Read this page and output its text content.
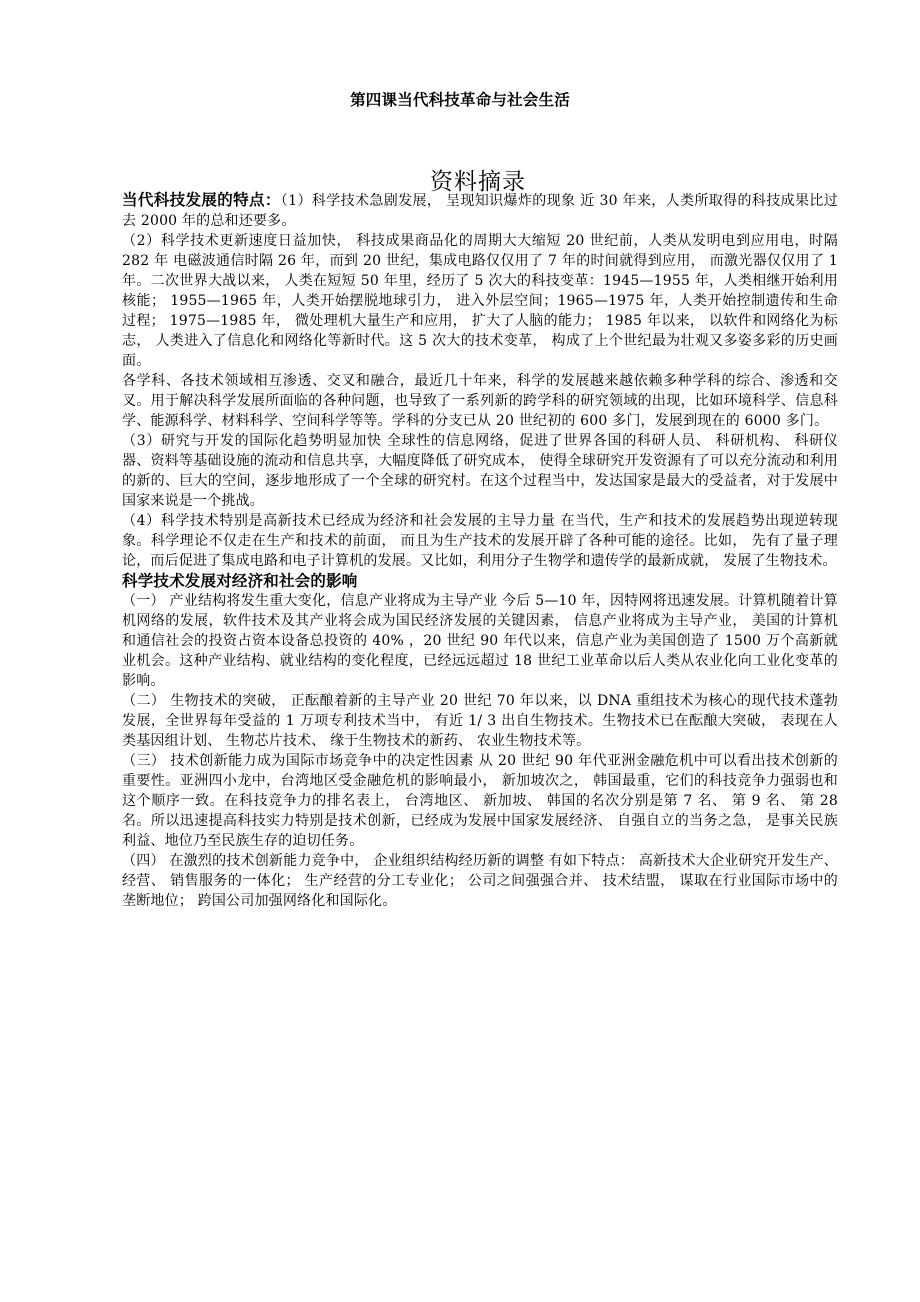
第四课当代科技革命与社会生活
资料摘录

当代科技发展的特点：（1）科学技术急剧发展， 呈现知识爆炸的现象 近 30 年来，人类所取得的科技成果比过去 2000 年的总和还要多。

（2）科学技术更新速度日益加快， 科技成果商品化的周期大大缩短 20 世纪前，人类从发明电到应用电，时隔 282 年 电磁波通信时隔 26 年，而到 20 世纪，集成电路仅仅用了 7 年的时间就得到应用， 而激光器仅仅用了 1 年。二次世界大战以来， 人类在短短 50 年里，经历了 5 次大的科技变革：1945—1955 年，人类相继开始利用核能； 1955—1965 年，人类开始摆脱地球引力， 进入外层空间；1965—1975 年，人类开始控制遗传和生命过程； 1975—1985 年， 微处理机大量生产和应用， 扩大了人脑的能力； 1985 年以来， 以软件和网络化为标志， 人类进入了信息化和网络化等新时代。这 5 次大的技术变革， 构成了上个世纪最为壮观又多姿多彩的历史画面。

各学科、各技术领域相互渗透、交叉和融合，最近几十年来，科学的发展越来越依赖多种学科的综合、渗透和交叉。用于解决科学发展所面临的各种问题，也导致了一系列新的跨学科的研究领域的出现，比如环境科学、信息科学、能源科学、材料科学、空间科学等等。学科的分支已从 20 世纪初的 600 多门，发展到现在的 6000 多门。

（3）研究与开发的国际化趋势明显加快 全球性的信息网络，促进了世界各国的科研人员、 科研机构、 科研仪器、资料等基础设施的流动和信息共享，大幅度降低了研究成本， 使得全球研究开发资源有了可以充分流动和利用的新的、巨大的空间，逐步地形成了一个全球的研究村。在这个过程当中，发达国家是最大的受益者，对于发展中国家来说是一个挑战。

（4）科学技术特别是高新技术已经成为经济和社会发展的主导力量 在当代，生产和技术的发展趋势出现逆转现象。科学理论不仅走在生产和技术的前面， 而且为生产技术的发展开辟了各种可能的途径。比如， 先有了量子理论，而后促进了集成电路和电子计算机的发展。又比如，利用分子生物学和遗传学的最新成就， 发展了生物技术。

科学技术发展对经济和社会的影响

（一） 产业结构将发生重大变化，信息产业将成为主导产业 今后 5—10 年，因特网将迅速发展。计算机随着计算机网络的发展，软件技术及其产业将会成为国民经济发展的关键因素， 信息产业将成为主导产业， 美国的计算机和通信社会的投资占资本设备总投资的 40% ，20 世纪 90 年代以来，信息产业为美国创造了 1500 万个高新就业机会。这种产业结构、就业结构的变化程度，已经远远超过 18 世纪工业革命以后人类从农业化向工业化变革的影响。

（二） 生物技术的突破， 正酝酿着新的主导产业 20 世纪 70 年以来，以 DNA 重组技术为核心的现代技术蓬勃发展，全世界每年受益的 1 万项专利技术当中， 有近 1/ 3 出自生物技术。生物技术已在酝酿大突破， 表现在人 类基因组计划、 生物芯片技术、 缘于生物技术的新药、 农业生物技术等。

（三） 技术创新能力成为国际市场竞争中的决定性因素 从 20 世纪 90 年代亚洲金融危机中可以看出技术创新的重要性。亚洲四小龙中，台湾地区受金融危机的影响最小， 新加坡次之， 韩国最重，它们的科技竞争力强弱也和这个顺序一致。在科技竞争力的排名表上， 台湾地区、 新加坡、 韩国的名次分别是第 7 名、 第 9 名、 第 28 名。所以迅速提高科技实力特别是技术创新，已经成为发展中国家发展经济、 自强自立的当务之急， 是事关民族利益、地位乃至民族生存的迫切任务。

（四） 在激烈的技术创新能力竞争中， 企业组织结构经历新的调整 有如下特点： 高新技术大企业研究开发生产、 经营、 销售服务的一体化； 生产经营的分工专业化； 公司之间强强合并、 技术结盟， 谋取在行业国际市场中的垄断地位； 跨国公司加强网络化和国际化。
